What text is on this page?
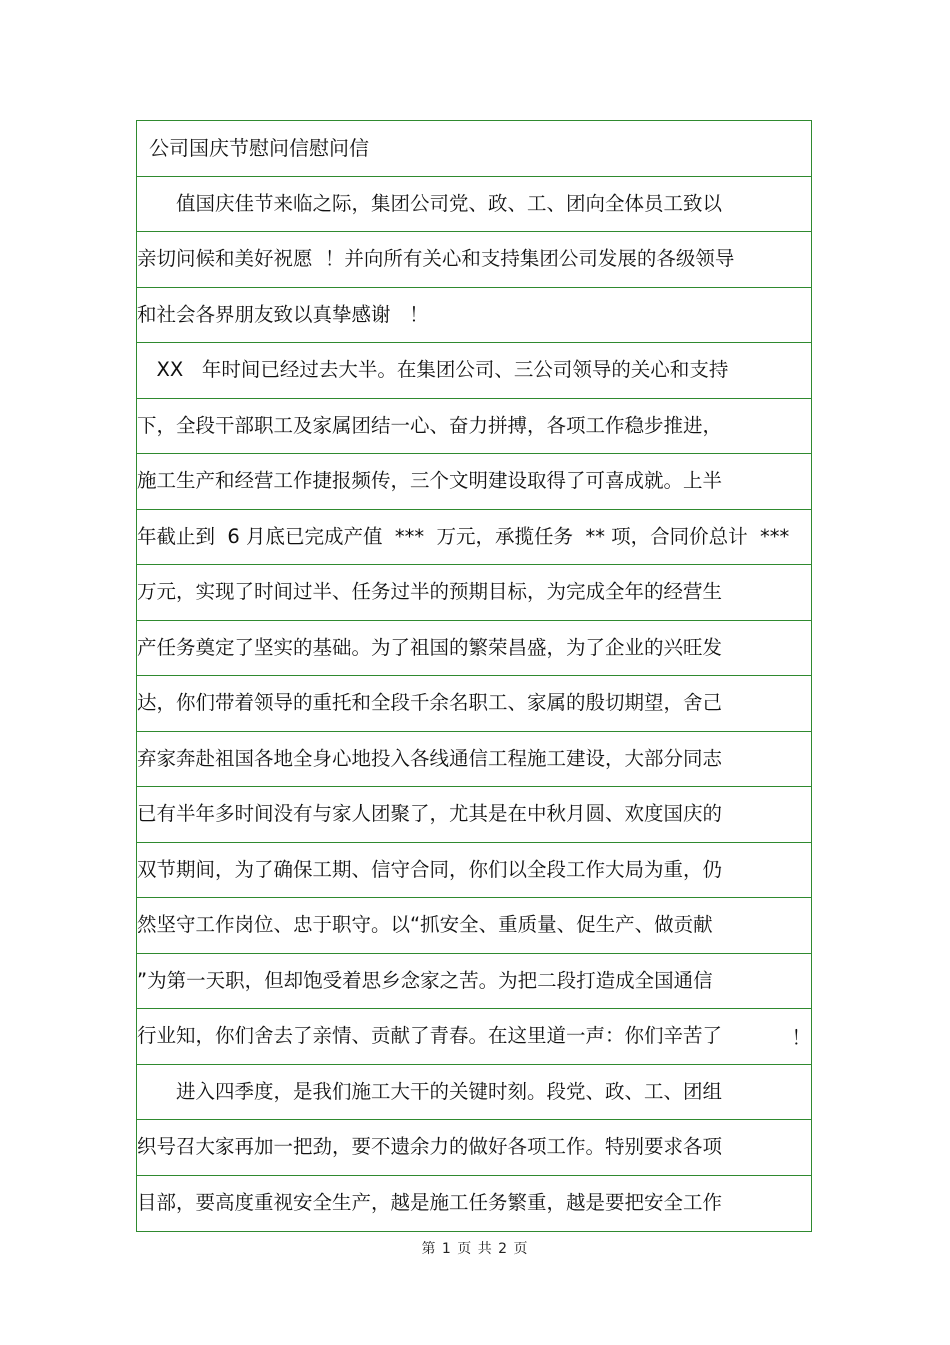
公司国庆节慰问信慰问信
　　值国庆佳节来临之际，集团公司党、政、工、团向全体员工致以
亲切问候和美好祝愿  ！并向所有关心和支持集团公司发展的各级领导
和社会各界朋友致以真挚感谢   ！
　XX   年时间已经过去大半。在集团公司、三公司领导的关心和支持
下，全段干部职工及家属团结一心、奋力拼搏，各项工作稳步推进，
施工生产和经营工作捷报频传，三个文明建设取得了可喜成就。上半
年截止到  6 月底已完成产值  ***  万元，承揽任务  ** 项，合同价总计  ***
万元，实现了时间过半、任务过半的预期目标，为完成全年的经营生
产任务奠定了坚实的基础。为了祖国的繁荣昌盛，为了企业的兴旺发
达，你们带着领导的重托和全段千余名职工、家属的殷切期望，舍己
弃家奔赴祖国各地全身心地投入各线通信工程施工建设，大部分同志
已有半年多时间没有与家人团聚了，尤其是在中秋月圆、欢度国庆的
双节期间，为了确保工期、信守合同，你们以全段工作大局为重，仍
然坚守工作岗位、忠于职守。以“抓安全、重质量、促生产、做贡献
”为第一天职，但却饱受着思乡念家之苦。为把二段打造成全国通信
行业知，你们舍去了亲情、贡献了青春。在这里道一声：你们辛苦了	！
　　进入四季度，是我们施工大干的关键时刻。段党、政、工、团组
织号召大家再加一把劲，要不遗余力的做好各项工作。特别要求各项
目部，要高度重视安全生产，越是施工任务繁重，越是要把安全工作
第 1 页 共 2 页
